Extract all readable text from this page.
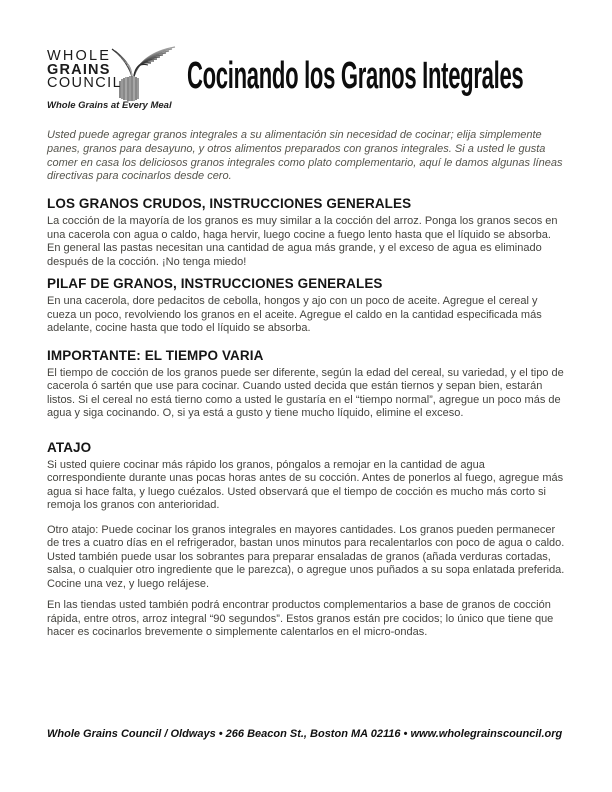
WHOLE
GRAINS
COUNCIL
Whole Grains at Every Meal
Cocinando los Granos Integrales

Usted puede agregar granos integrales a su alimentación sin necesidad de cocinar; elija simplemente panes, granos para desayuno, y otros alimentos preparados con granos integrales. Si a usted le gusta comer en casa los deliciosos granos integrales como plato complementario, aquí le damos algunas líneas directivas para cocinarlos desde cero.

LOS GRANOS CRUDOS, INSTRUCCIONES GENERALES

La cocción de la mayoría de los granos es muy similar a la cocción del arroz. Ponga los granos secos en una cacerola con agua o caldo, haga hervir, luego cocine a fuego lento hasta que el líquido se absorba. En general las pastas necesitan una cantidad de agua más grande, y el exceso de agua es eliminado después de la cocción. ¡No tenga miedo!

PILAF DE GRANOS, INSTRUCCIONES GENERALES

En una cacerola, dore pedacitos de cebolla, hongos y ajo con un poco de aceite. Agregue el cereal y cueza un poco, revolviendo los granos en el aceite. Agregue el caldo en la cantidad especificada más adelante, cocine hasta que todo el líquido se absorba.

IMPORTANTE: EL TIEMPO VARIA

El tiempo de cocción de los granos puede ser diferente, según la edad del cereal, su variedad, y el tipo de cacerola ó sartén que use para cocinar. Cuando usted decida que están tiernos y sepan bien, estarán listos. Si el cereal no está tierno como a usted le gustaría en el “tiempo normal”, agregue un poco más de agua y siga cocinando. O, si ya está a gusto y tiene mucho líquido, elimine el exceso.

ATAJO

Si usted quiere cocinar más rápido los granos, póngalos a remojar en la cantidad de agua correspondiente durante unas pocas horas antes de su cocción. Antes de ponerlos al fuego, agregue más agua si hace falta, y luego cuézalos. Usted observará que el tiempo de cocción es mucho más corto si remoja los granos con anterioridad.

Otro atajo: Puede cocinar los granos integrales en mayores cantidades. Los granos pueden permanecer de tres a cuatro días en el refrigerador, bastan unos minutos para recalentarlos con poco de agua o caldo. Usted también puede usar los sobrantes para preparar ensaladas de granos (añada verduras cortadas, salsa, o cualquier otro ingrediente que le parezca), o agregue unos puñados a su sopa enlatada preferida. Cocine una vez, y luego relájese.

En las tiendas usted también podrá encontrar productos complementarios a base de granos de cocción rápida, entre otros, arroz integral “90 segundos”. Estos granos están pre cocidos; lo único que tiene que hacer es cocinarlos brevemente o simplemente calentarlos en el micro-ondas.

Whole Grains Council / Oldways • 266 Beacon St., Boston MA 02116 • www.wholegrainscouncil.org
